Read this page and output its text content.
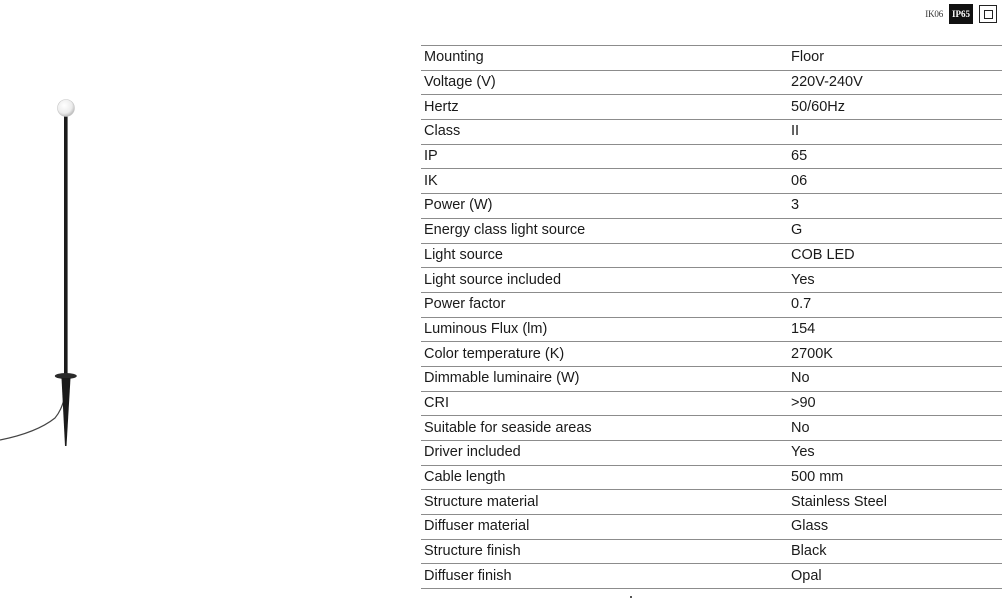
IK06	IP65
Mounting	Floor
Voltage (V)	220V-240V
Hertz	50/60Hz
Class	II
IP	65
IK	06
Power (W)	3
Energy class light source	G
Light source	COB LED
Light source included	Yes
Power factor	0.7
Luminous Flux (lm)	154
Color temperature (K)	2700K
Dimmable luminaire (W)	No
CRI	>90
Suitable for seaside areas	No
Driver included	Yes
Cable length	500 mm
Structure material	Stainless Steel
Diffuser material	Glass
Structure finish	Black
Diffuser finish	Opal
